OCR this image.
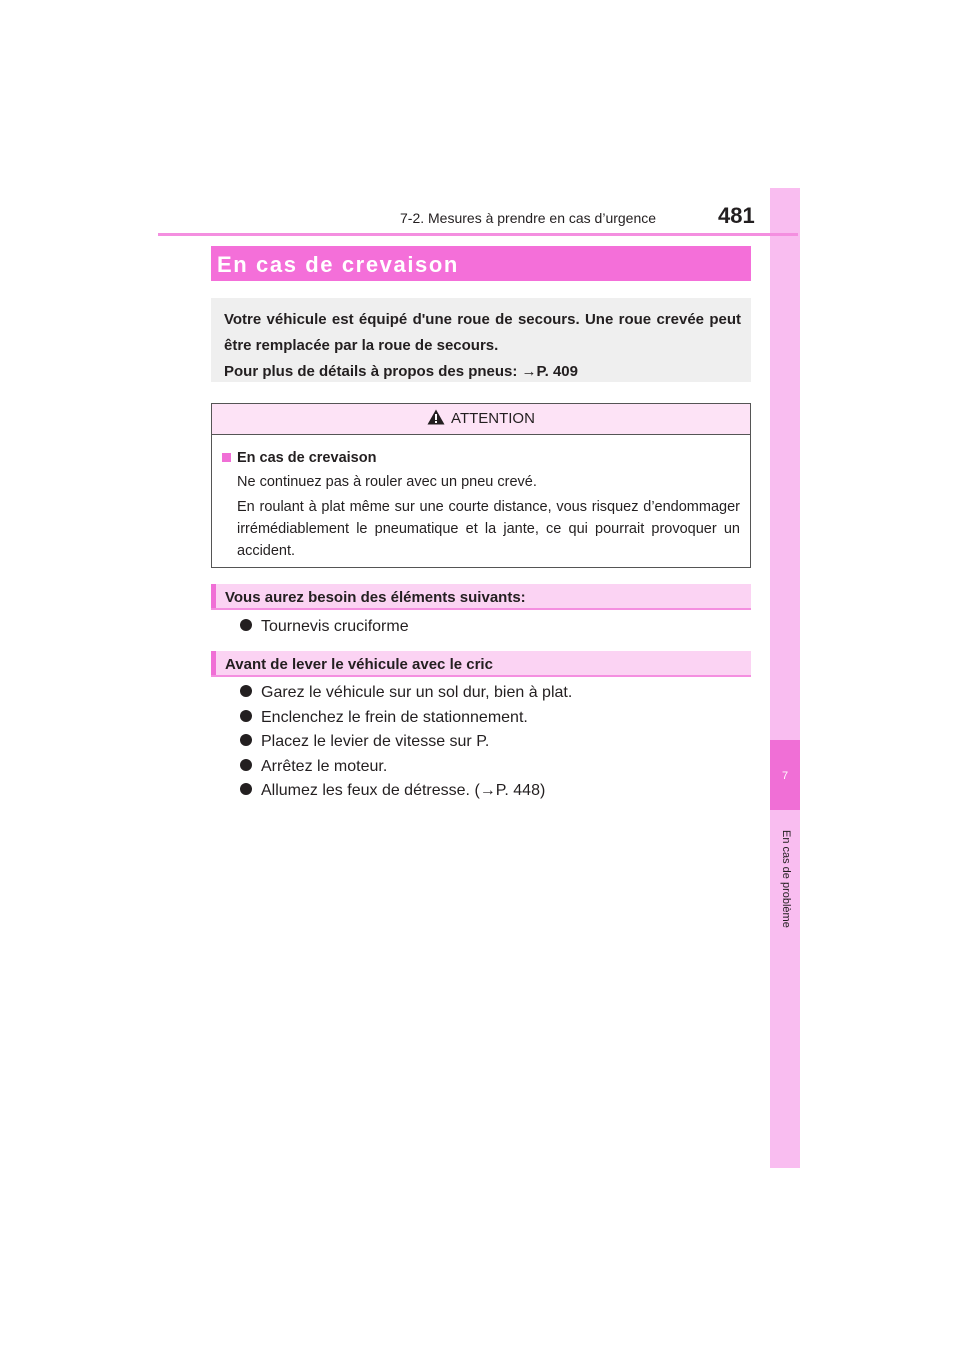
7
En cas de problème
7-2. Mesures à prendre en cas d’urgence	481
En cas de crevaison

Votre véhicule est équipé d'une roue de secours. Une roue crevée peut être remplacée par la roue de secours.

Pour plus de détails à propos des pneus: →P. 409

ATTENTION

En cas de crevaison

Ne continuez pas à rouler avec un pneu crevé.

En roulant à plat même sur une courte distance, vous risquez d’endommager irrémédiablement le pneumatique et la jante, ce qui pourrait provoquer un accident.

Vous aurez besoin des éléments suivants:
Tournevis cruciforme
Avant de lever le véhicule avec le cric
Garez le véhicule sur un sol dur, bien à plat.
Enclenchez le frein de stationnement.
Placez le levier de vitesse sur P.
Arrêtez le moteur.
Allumez les feux de détresse. (→P. 448)
